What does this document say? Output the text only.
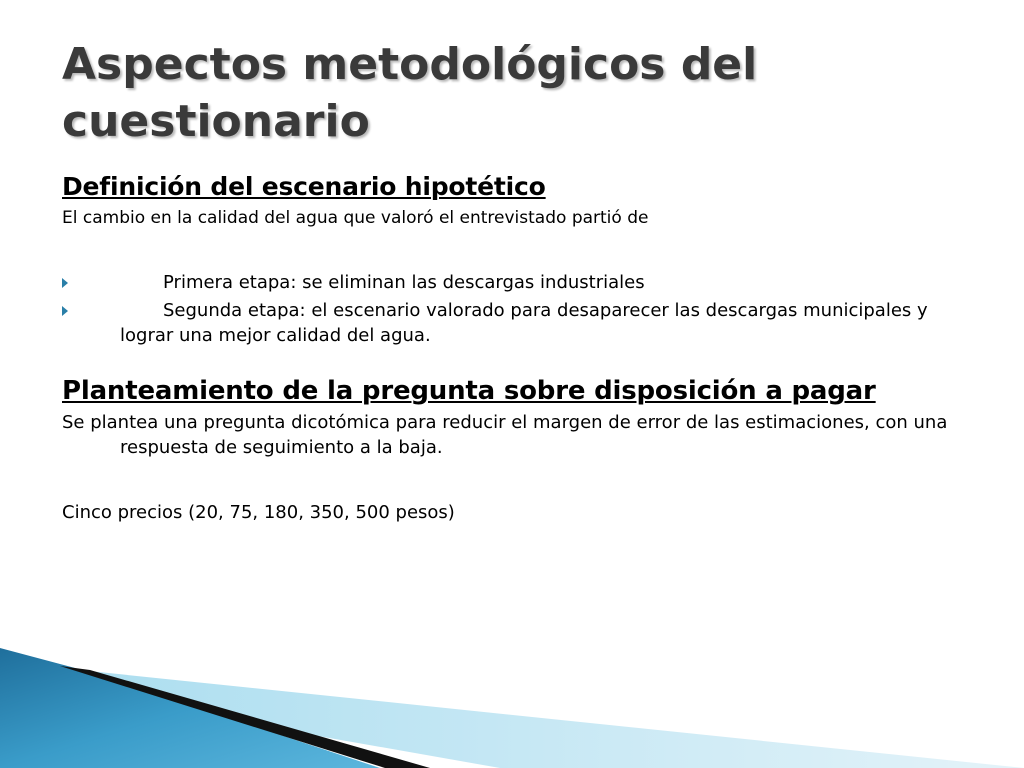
Aspectos metodológicos del cuestionario
Definición del escenario hipotético

El cambio en la calidad del agua que valoró el entrevistado partió de

Primera etapa: se eliminan las descargas industriales
Segunda etapa: el escenario valorado para desaparecer las descargas municipales y lograr una mejor calidad del agua.
Planteamiento de la pregunta sobre disposición a pagar

Se plantea una pregunta dicotómica para reducir el margen de error de las estimaciones, con una respuesta de seguimiento a la baja.

Cinco precios (20, 75, 180, 350, 500 pesos)
